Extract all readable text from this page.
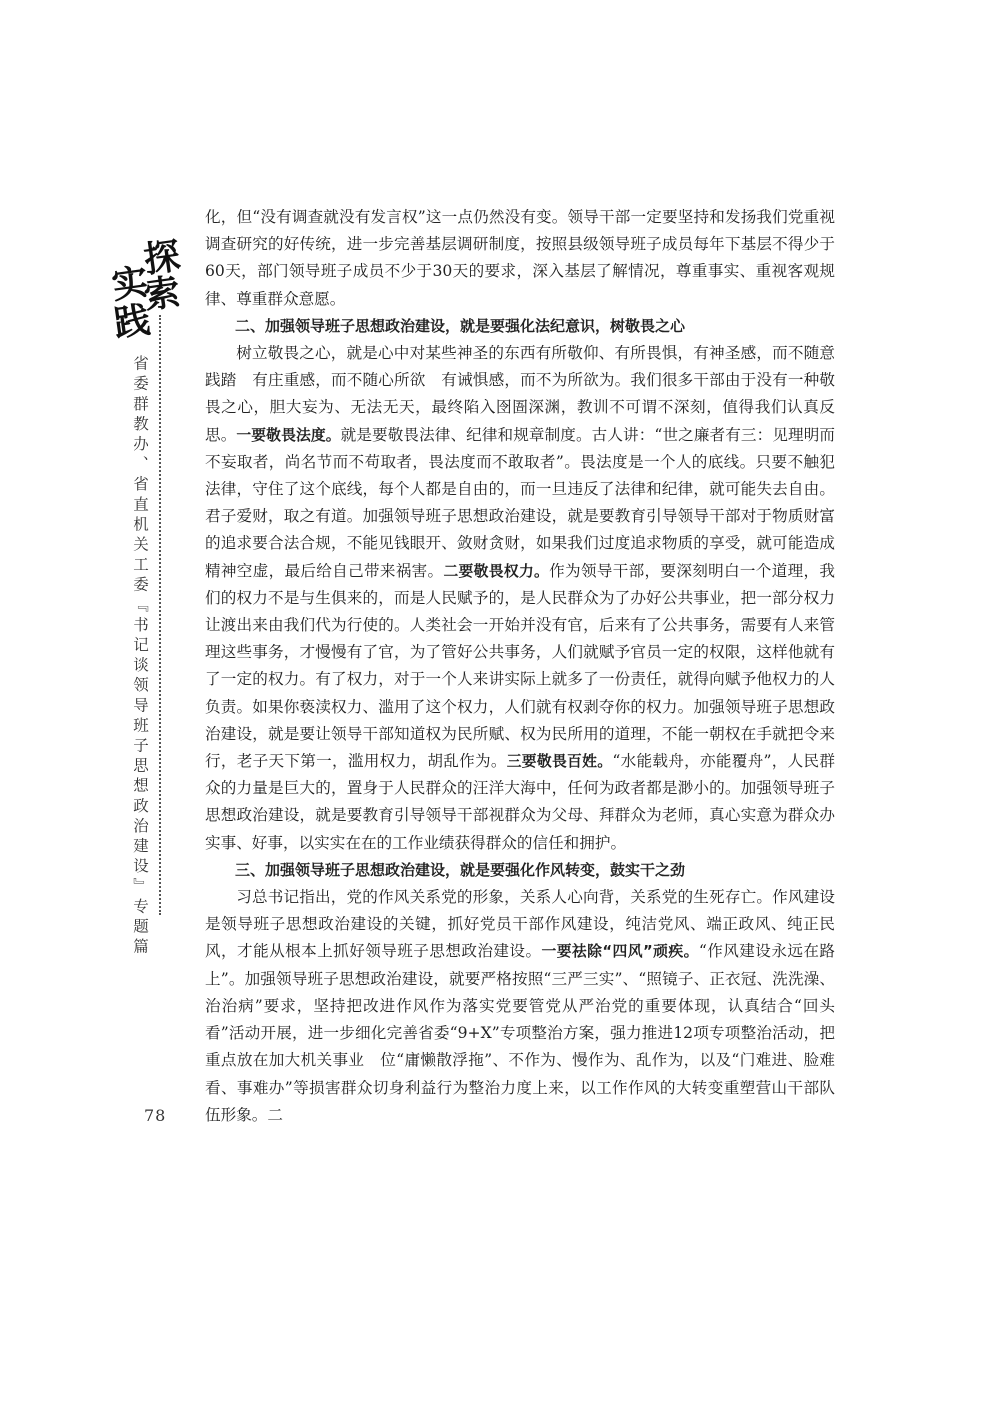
探
索
实
践
省委群教办、省直机关工委『书记谈领导班子思想政治建设』专题篇
78

化，但“没有调查就没有发言权”这一点仍然没有变。领导干部一定要坚持和发扬我们党重视调查研究的好传统，进一步完善基层调研制度，按照县级领导班子成员每年下基层不得少于60天，部门领导班子成员不少于30天的要求，深入基层了解情况，尊重事实、重视客观规律、尊重群众意愿。

二、加强领导班子思想政治建设，就是要强化法纪意识，树敬畏之心

树立敬畏之心，就是心中对某些神圣的东西有所敬仰、有所畏惧，有神圣感，而不随意践踏　有庄重感，而不随心所欲　有诫惧感，而不为所欲为。我们很多干部由于没有一种敬畏之心，胆大妄为、无法无天，最终陷入囹圄深渊，教训不可谓不深刻，值得我们认真反思。一要敬畏法度。就是要敬畏法律、纪律和规章制度。古人讲：“世之廉者有三：见理明而不妄取者，尚名节而不苟取者，畏法度而不敢取者”。畏法度是一个人的底线。只要不触犯法律，守住了这个底线，每个人都是自由的，而一旦违反了法律和纪律，就可能失去自由。君子爱财，取之有道。加强领导班子思想政治建设，就是要教育引导领导干部对于物质财富的追求要合法合规，不能见钱眼开、敛财贪财，如果我们过度追求物质的享受，就可能造成精神空虚，最后给自己带来祸害。二要敬畏权力。作为领导干部，要深刻明白一个道理，我们的权力不是与生俱来的，而是人民赋予的，是人民群众为了办好公共事业，把一部分权力让渡出来由我们代为行使的。人类社会一开始并没有官，后来有了公共事务，需要有人来管理这些事务，才慢慢有了官，为了管好公共事务，人们就赋予官员一定的权限，这样他就有了一定的权力。有了权力，对于一个人来讲实际上就多了一份责任，就得向赋予他权力的人负责。如果你亵渎权力、滥用了这个权力，人们就有权剥夺你的权力。加强领导班子思想政治建设，就是要让领导干部知道权为民所赋、权为民所用的道理，不能一朝权在手就把令来行，老子天下第一，滥用权力，胡乱作为。三要敬畏百姓。“水能载舟，亦能覆舟”，人民群众的力量是巨大的，置身于人民群众的汪洋大海中，任何为政者都是渺小的。加强领导班子思想政治建设，就是要教育引导领导干部视群众为父母、拜群众为老师，真心实意为群众办实事、好事，以实实在在的工作业绩获得群众的信任和拥护。

三、加强领导班子思想政治建设，就是要强化作风转变，鼓实干之劲

习总书记指出，党的作风关系党的形象，关系人心向背，关系党的生死存亡。作风建设是领导班子思想政治建设的关键，抓好党员干部作风建设，纯洁党风、端正政风、纯正民风，才能从根本上抓好领导班子思想政治建设。一要祛除“四风”顽疾。“作风建设永远在路上”。加强领导班子思想政治建设，就要严格按照“三严三实”、“照镜子、正衣冠、洗洗澡、治治病”要求，坚持把改进作风作为落实党要管党从严治党的重要体现，认真结合“回头看”活动开展，进一步细化完善省委“9+X”专项整治方案，强力推进12项专项整治活动，把重点放在加大机关事业　位“庸懒散浮拖”、不作为、慢作为、乱作为，以及“门难进、脸难看、事难办”等损害群众切身利益行为整治力度上来，以工作作风的大转变重塑营山干部队伍形象。二
